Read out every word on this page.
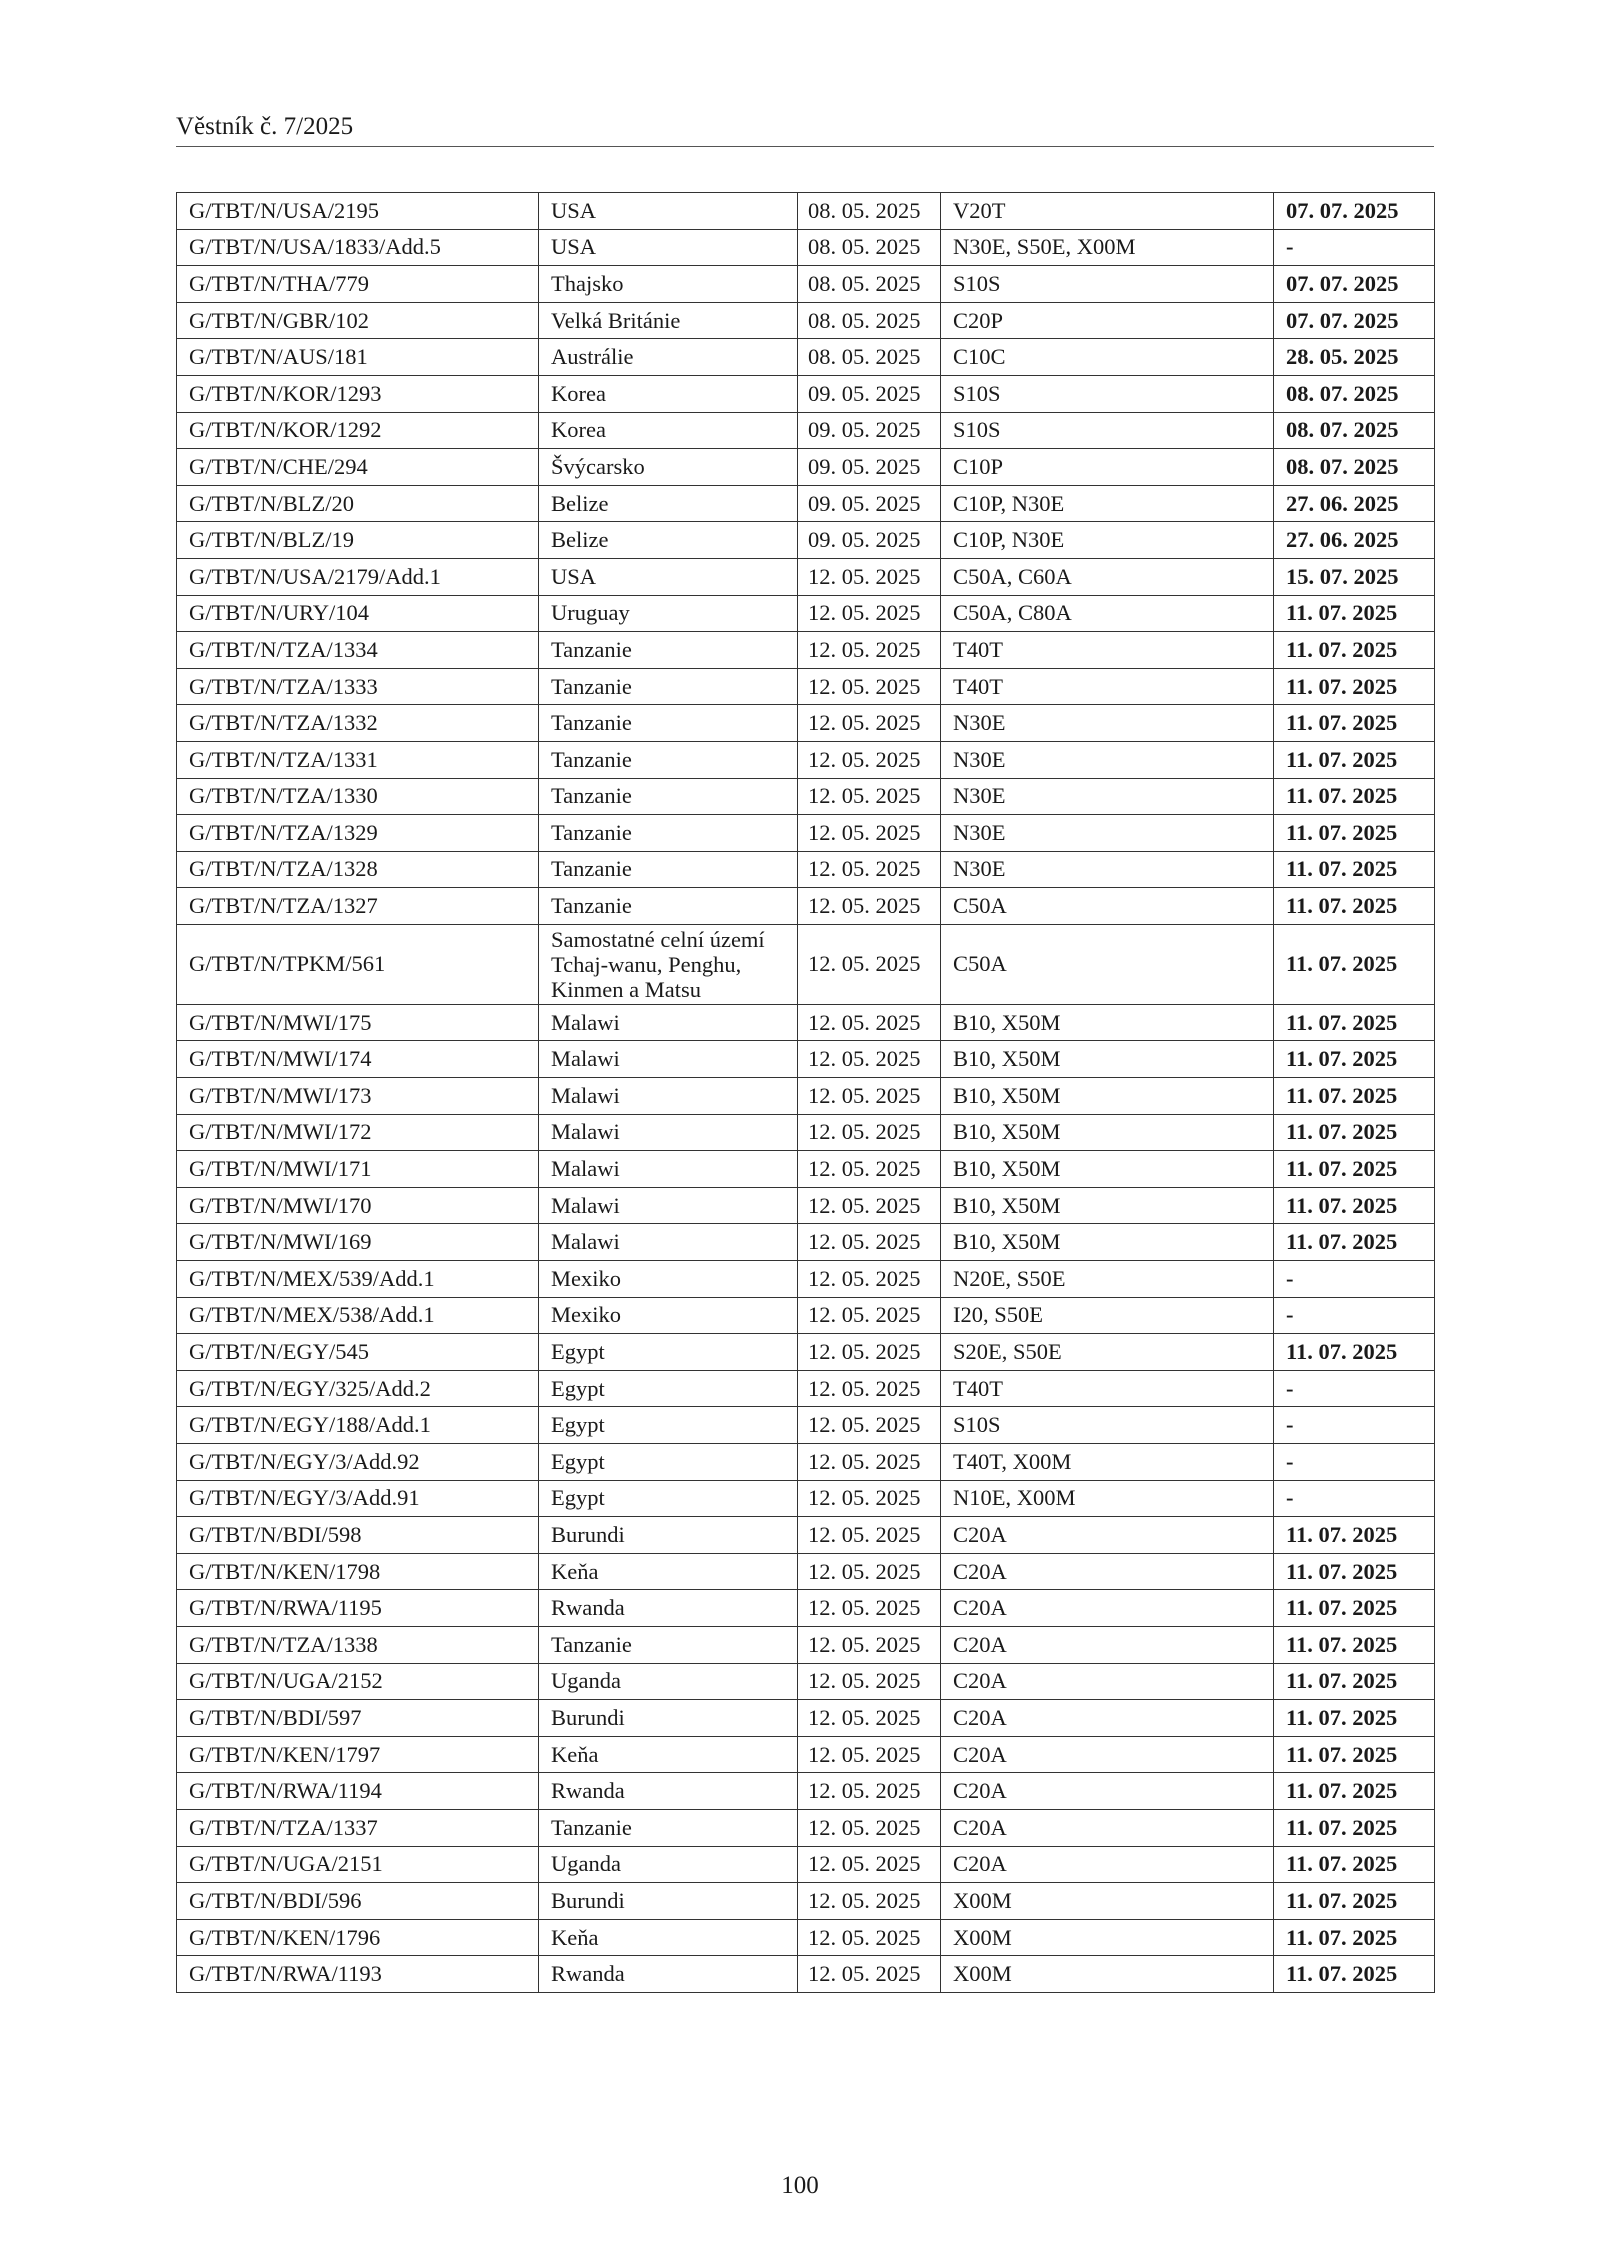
Věstník č. 7/2025
G/TBT/N/USA/2195	USA	08. 05. 2025	V20T	07. 07. 2025
G/TBT/N/USA/1833/Add.5	USA	08. 05. 2025	N30E, S50E, X00M	-
G/TBT/N/THA/779	Thajsko	08. 05. 2025	S10S	07. 07. 2025
G/TBT/N/GBR/102	Velká Británie	08. 05. 2025	C20P	07. 07. 2025
G/TBT/N/AUS/181	Austrálie	08. 05. 2025	C10C	28. 05. 2025
G/TBT/N/KOR/1293	Korea	09. 05. 2025	S10S	08. 07. 2025
G/TBT/N/KOR/1292	Korea	09. 05. 2025	S10S	08. 07. 2025
G/TBT/N/CHE/294	Švýcarsko	09. 05. 2025	C10P	08. 07. 2025
G/TBT/N/BLZ/20	Belize	09. 05. 2025	C10P, N30E	27. 06. 2025
G/TBT/N/BLZ/19	Belize	09. 05. 2025	C10P, N30E	27. 06. 2025
G/TBT/N/USA/2179/Add.1	USA	12. 05. 2025	C50A, C60A	15. 07. 2025
G/TBT/N/URY/104	Uruguay	12. 05. 2025	C50A, C80A	11. 07. 2025
G/TBT/N/TZA/1334	Tanzanie	12. 05. 2025	T40T	11. 07. 2025
G/TBT/N/TZA/1333	Tanzanie	12. 05. 2025	T40T	11. 07. 2025
G/TBT/N/TZA/1332	Tanzanie	12. 05. 2025	N30E	11. 07. 2025
G/TBT/N/TZA/1331	Tanzanie	12. 05. 2025	N30E	11. 07. 2025
G/TBT/N/TZA/1330	Tanzanie	12. 05. 2025	N30E	11. 07. 2025
G/TBT/N/TZA/1329	Tanzanie	12. 05. 2025	N30E	11. 07. 2025
G/TBT/N/TZA/1328	Tanzanie	12. 05. 2025	N30E	11. 07. 2025
G/TBT/N/TZA/1327	Tanzanie	12. 05. 2025	C50A	11. 07. 2025
G/TBT/N/TPKM/561	Samostatné celní území Tchaj-wanu, Penghu, Kinmen a Matsu	12. 05. 2025	C50A	11. 07. 2025
G/TBT/N/MWI/175	Malawi	12. 05. 2025	B10, X50M	11. 07. 2025
G/TBT/N/MWI/174	Malawi	12. 05. 2025	B10, X50M	11. 07. 2025
G/TBT/N/MWI/173	Malawi	12. 05. 2025	B10, X50M	11. 07. 2025
G/TBT/N/MWI/172	Malawi	12. 05. 2025	B10, X50M	11. 07. 2025
G/TBT/N/MWI/171	Malawi	12. 05. 2025	B10, X50M	11. 07. 2025
G/TBT/N/MWI/170	Malawi	12. 05. 2025	B10, X50M	11. 07. 2025
G/TBT/N/MWI/169	Malawi	12. 05. 2025	B10, X50M	11. 07. 2025
G/TBT/N/MEX/539/Add.1	Mexiko	12. 05. 2025	N20E, S50E	-
G/TBT/N/MEX/538/Add.1	Mexiko	12. 05. 2025	I20, S50E	-
G/TBT/N/EGY/545	Egypt	12. 05. 2025	S20E, S50E	11. 07. 2025
G/TBT/N/EGY/325/Add.2	Egypt	12. 05. 2025	T40T	-
G/TBT/N/EGY/188/Add.1	Egypt	12. 05. 2025	S10S	-
G/TBT/N/EGY/3/Add.92	Egypt	12. 05. 2025	T40T, X00M	-
G/TBT/N/EGY/3/Add.91	Egypt	12. 05. 2025	N10E, X00M	-
G/TBT/N/BDI/598	Burundi	12. 05. 2025	C20A	11. 07. 2025
G/TBT/N/KEN/1798	Keňa	12. 05. 2025	C20A	11. 07. 2025
G/TBT/N/RWA/1195	Rwanda	12. 05. 2025	C20A	11. 07. 2025
G/TBT/N/TZA/1338	Tanzanie	12. 05. 2025	C20A	11. 07. 2025
G/TBT/N/UGA/2152	Uganda	12. 05. 2025	C20A	11. 07. 2025
G/TBT/N/BDI/597	Burundi	12. 05. 2025	C20A	11. 07. 2025
G/TBT/N/KEN/1797	Keňa	12. 05. 2025	C20A	11. 07. 2025
G/TBT/N/RWA/1194	Rwanda	12. 05. 2025	C20A	11. 07. 2025
G/TBT/N/TZA/1337	Tanzanie	12. 05. 2025	C20A	11. 07. 2025
G/TBT/N/UGA/2151	Uganda	12. 05. 2025	C20A	11. 07. 2025
G/TBT/N/BDI/596	Burundi	12. 05. 2025	X00M	11. 07. 2025
G/TBT/N/KEN/1796	Keňa	12. 05. 2025	X00M	11. 07. 2025
G/TBT/N/RWA/1193	Rwanda	12. 05. 2025	X00M	11. 07. 2025
100
